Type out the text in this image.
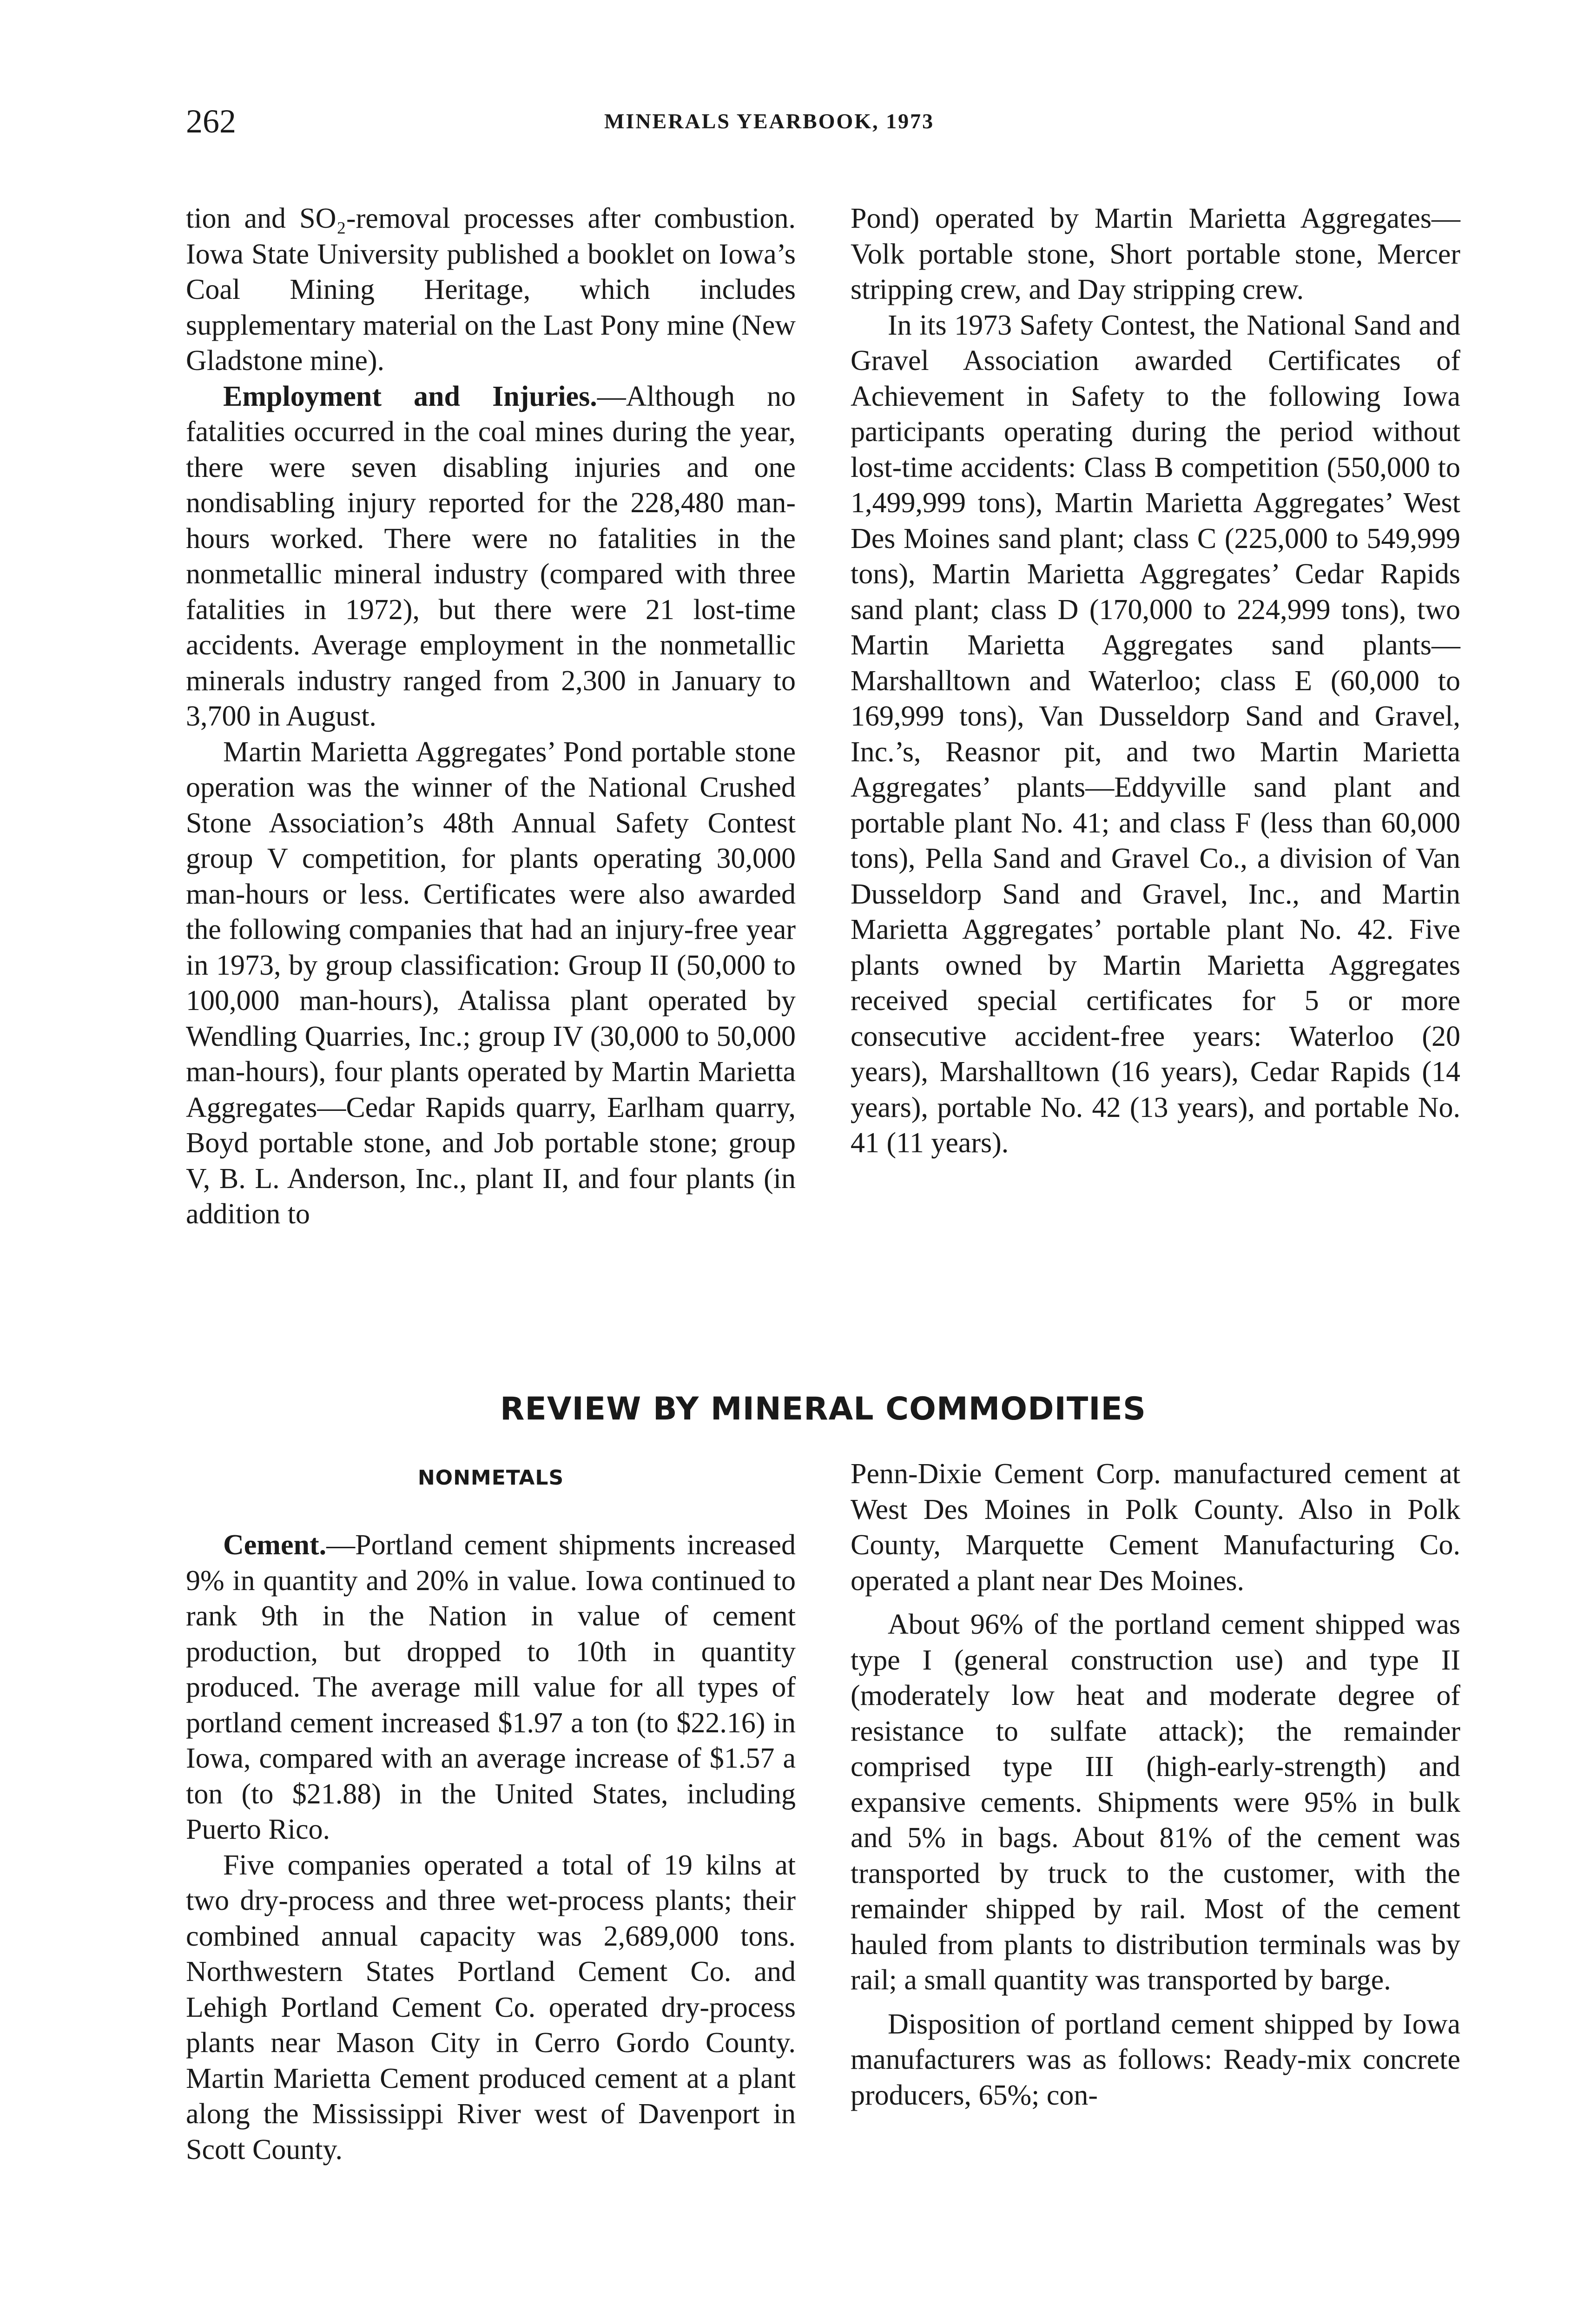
262	MINERALS YEARBOOK, 1973

tion and SO₂-removal processes after combustion. Iowa State University published a booklet on Iowa’s Coal Mining Heritage, which includes supplementary material on the Last Pony mine (New Gladstone mine).

Employment and Injuries.—Although no fatalities occurred in the coal mines during the year, there were seven disabling injuries and one nondisabling injury reported for the 228,480 man-hours worked. There were no fatalities in the nonmetallic mineral industry (compared with three fatalities in 1972), but there were 21 lost-time accidents. Average employment in the nonmetallic minerals industry ranged from 2,300 in January to 3,700 in August.

Martin Marietta Aggregates’ Pond portable stone operation was the winner of the National Crushed Stone Association’s 48th Annual Safety Contest group V competition, for plants operating 30,000 man-hours or less. Certificates were also awarded the following companies that had an injury-free year in 1973, by group classification: Group II (50,000 to 100,000 man-hours), Atalissa plant operated by Wendling Quarries, Inc.; group IV (30,000 to 50,000 man-hours), four plants operated by Martin Marietta Aggregates—Cedar Rapids quarry, Earlham quarry, Boyd portable stone, and Job portable stone; group V, B. L. Anderson, Inc., plant II, and four plants (in addition to

Pond) operated by Martin Marietta Aggregates—Volk portable stone, Short portable stone, Mercer stripping crew, and Day stripping crew.

In its 1973 Safety Contest, the National Sand and Gravel Association awarded Certificates of Achievement in Safety to the following Iowa participants operating during the period without lost-time accidents: Class B competition (550,000 to 1,499,999 tons), Martin Marietta Aggregates’ West Des Moines sand plant; class C (225,000 to 549,999 tons), Martin Marietta Aggregates’ Cedar Rapids sand plant; class D (170,000 to 224,999 tons), two Martin Marietta Aggregates sand plants—Marshalltown and Waterloo; class E (60,000 to 169,999 tons), Van Dusseldorp Sand and Gravel, Inc.’s, Reasnor pit, and two Martin Marietta Aggregates’ plants—Eddyville sand plant and portable plant No. 41; and class F (less than 60,000 tons), Pella Sand and Gravel Co., a division of Van Dusseldorp Sand and Gravel, Inc., and Martin Marietta Aggregates’ portable plant No. 42. Five plants owned by Martin Marietta Aggregates received special certificates for 5 or more consecutive accident-free years: Waterloo (20 years), Marshalltown (16 years), Cedar Rapids (14 years), portable No. 42 (13 years), and portable No. 41 (11 years).

REVIEW BY MINERAL COMMODITIES
NONMETALS

Cement.—Portland cement shipments increased 9% in quantity and 20% in value. Iowa continued to rank 9th in the Nation in value of cement production, but dropped to 10th in quantity produced. The average mill value for all types of portland cement increased $1.97 a ton (to $22.16) in Iowa, compared with an average increase of $1.57 a ton (to $21.88) in the United States, including Puerto Rico.

Five companies operated a total of 19 kilns at two dry-process and three wet-process plants; their combined annual capacity was 2,689,000 tons. Northwestern States Portland Cement Co. and Lehigh Portland Cement Co. operated dry-process plants near Mason City in Cerro Gordo County. Martin Marietta Cement produced cement at a plant along the Mississippi River west of Davenport in Scott County.

Penn-Dixie Cement Corp. manufactured cement at West Des Moines in Polk County. Also in Polk County, Marquette Cement Manufacturing Co. operated a plant near Des Moines.

About 96% of the portland cement shipped was type I (general construction use) and type II (moderately low heat and moderate degree of resistance to sulfate attack); the remainder comprised type III (high-early-strength) and expansive cements. Shipments were 95% in bulk and 5% in bags. About 81% of the cement was transported by truck to the customer, with the remainder shipped by rail. Most of the cement hauled from plants to distribution terminals was by rail; a small quantity was transported by barge.

Disposition of portland cement shipped by Iowa manufacturers was as follows: Ready-mix concrete producers, 65%; con-
